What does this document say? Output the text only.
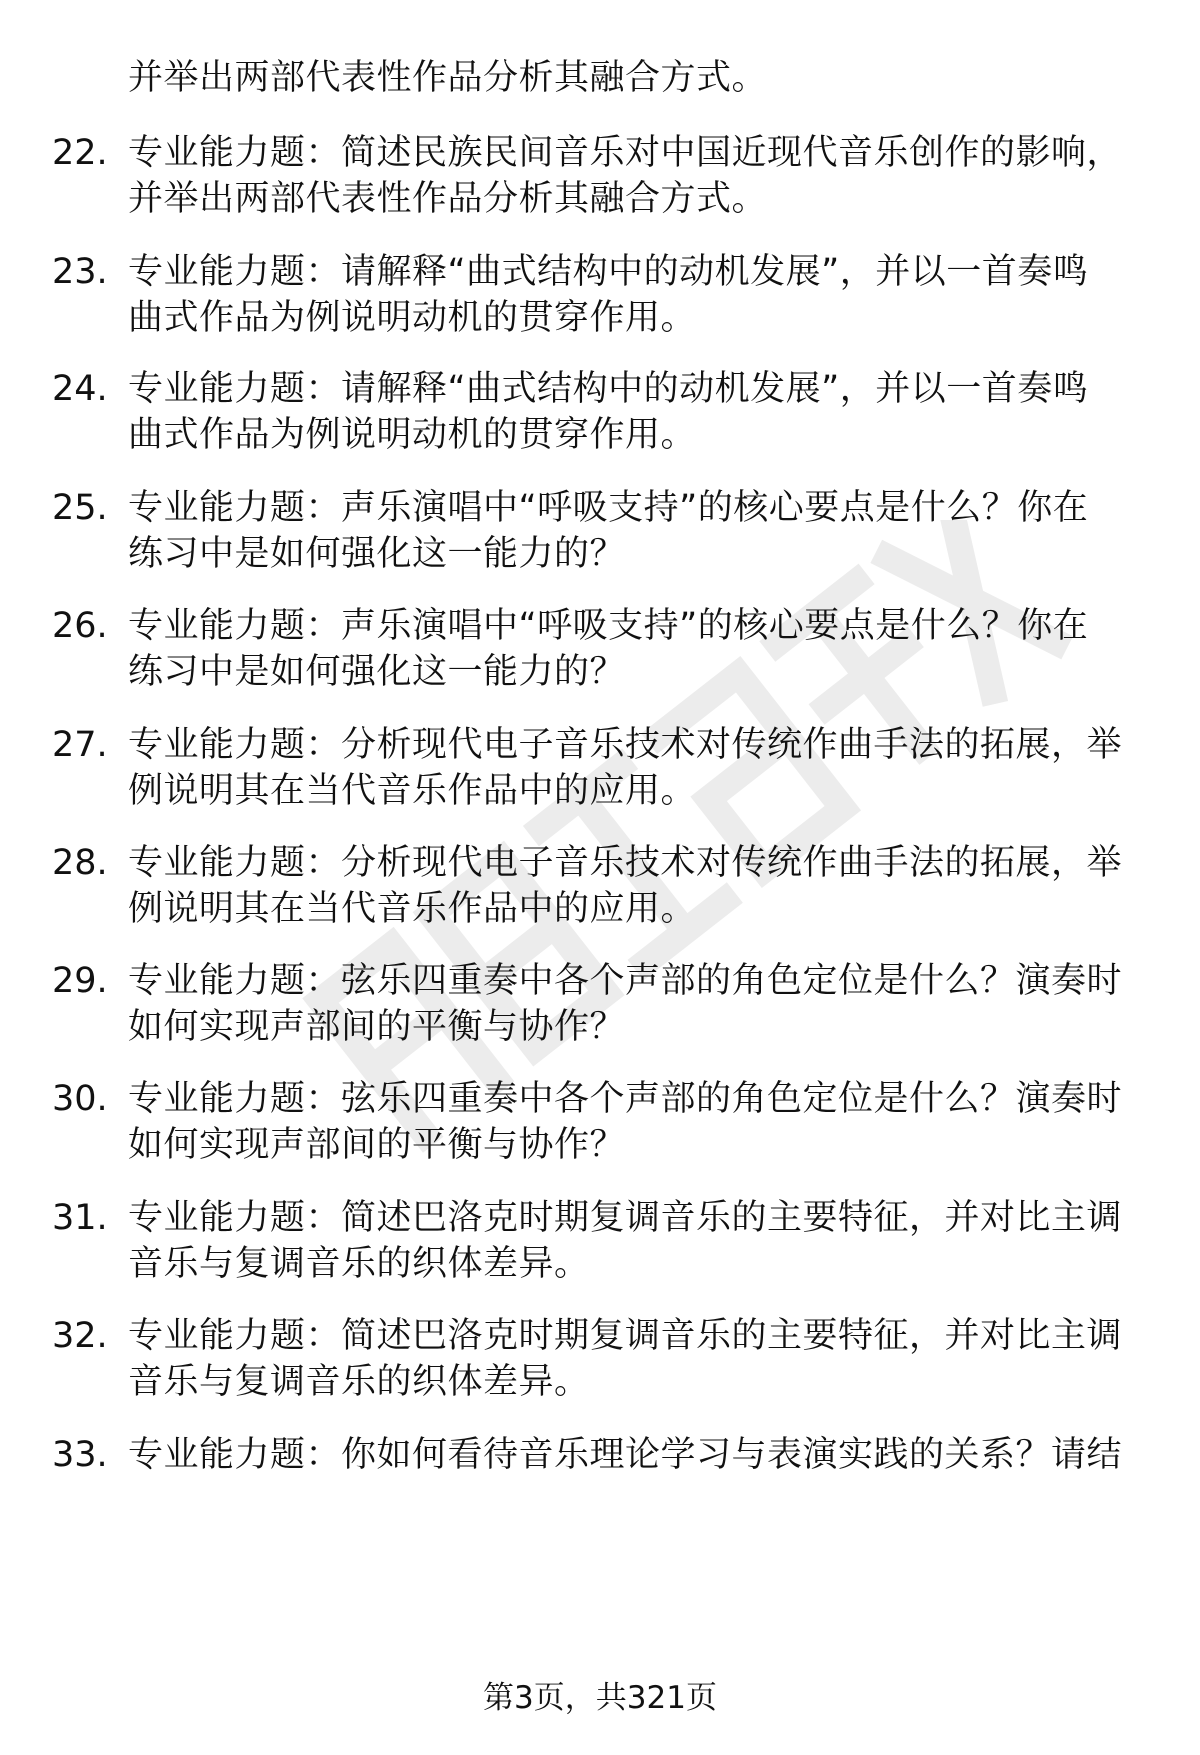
并举出两部代表性作品分析其融合方式。
22. 专业能力题：简述民族民间音乐对中国近现代音乐创作的影响，
并举出两部代表性作品分析其融合方式。
23. 专业能力题：请解释“曲式结构中的动机发展”，并以一首奏鸣
曲式作品为例说明动机的贯穿作用。
24. 专业能力题：请解释“曲式结构中的动机发展”，并以一首奏鸣
曲式作品为例说明动机的贯穿作用。
25. 专业能力题：声乐演唱中“呼吸支持”的核心要点是什么？你在
练习中是如何强化这一能力的？
26. 专业能力题：声乐演唱中“呼吸支持”的核心要点是什么？你在
练习中是如何强化这一能力的？
27. 专业能力题：分析现代电子音乐技术对传统作曲手法的拓展，举
例说明其在当代音乐作品中的应用。
28. 专业能力题：分析现代电子音乐技术对传统作曲手法的拓展，举
例说明其在当代音乐作品中的应用。
29. 专业能力题：弦乐四重奏中各个声部的角色定位是什么？演奏时
如何实现声部间的平衡与协作？
30. 专业能力题：弦乐四重奏中各个声部的角色定位是什么？演奏时
如何实现声部间的平衡与协作？
31. 专业能力题：简述巴洛克时期复调音乐的主要特征，并对比主调
音乐与复调音乐的织体差异。
32. 专业能力题：简述巴洛克时期复调音乐的主要特征，并对比主调
音乐与复调音乐的织体差异。
33. 专业能力题：你如何看待音乐理论学习与表演实践的关系？请结
第3页，共321页
